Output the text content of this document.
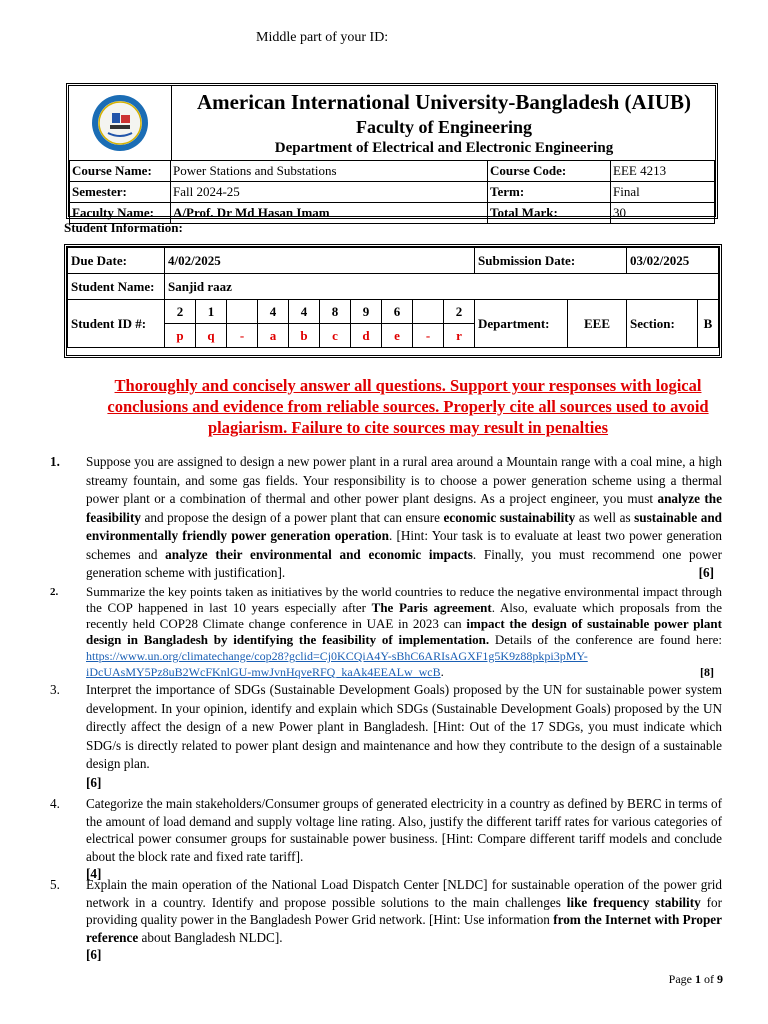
Middle part of your ID:
American International University-Bangladesh (AIUB)
Faculty of Engineering
Department of Electrical and Electronic Engineering
Course Name:	Power Stations and Substations	Course Code:	EEE 4213
Semester:	Fall 2024-25	Term:	Final
Faculty Name:	A/Prof. Dr Md Hasan Imam	Total Mark:	30
Student Information:
Due Date:	4/02/2025										Submission Date:		03/02/2025	
Student Name:	Sanjid raaz													
Student ID #:	2	1		4	4	8	9	6		2	Department:	EEE	Section:	B
	p	q	-	a	b	c	d	e	-	r				
Thoroughly and concisely answer all questions. Support your responses with logical conclusions and evidence from reliable sources. Properly cite all sources used to avoid plagiarism. Failure to cite sources may result in penalties
1.	Suppose you are assigned to design a new power plant in a rural area around a Mountain range with a coal mine, a high streamy fountain, and some gas fields. Your responsibility is to choose a power generation scheme using a thermal power plant or a combination of thermal and other power plant designs. As a project engineer, you must analyze the feasibility and propose the design of a power plant that can ensure economic sustainability as well as sustainable and environmentally friendly power generation operation. [Hint: Your task is to evaluate at least two power generation schemes and analyze their environmental and economic impacts. Finally, you must recommend one power generation scheme with justification].	[6]
2.	Summarize the key points taken as initiatives by the world countries to reduce the negative environmental impact through the COP happened in last 10 years especially after The Paris agreement. Also, evaluate which proposals from the recently held COP28 Climate change conference in UAE in 2023 can impact the design of sustainable power plant design in Bangladesh by identifying the feasibility of implementation. Details of the conference are found here: https://www.un.org/climatechange/cop28?gclid=Cj0KCQiA4Y-sBhC6ARIsAGXF1g5K9z88pkpi3pMY-iDcUAsMY5Pz8uB2WcFKnlGU-mwJvnHqveRFQ_kaAk4EEALw_wcB.	[8]
3.	Interpret the importance of SDGs (Sustainable Development Goals) proposed by the UN for sustainable power system development. In your opinion, identify and explain which SDGs (Sustainable Development Goals) proposed by the UN directly affect the design of a new Power plant in Bangladesh. [Hint: Out of the 17 SDGs, you must indicate which SDG/s is directly related to power plant design and maintenance and how they contribute to the design of a sustainable design plan.
[6]
4.	Categorize the main stakeholders/Consumer groups of generated electricity in a country as defined by BERC in terms of the amount of load demand and supply voltage line rating. Also, justify the different tariff rates for various categories of electrical power consumer groups for sustainable power business. [Hint: Compare different tariff models and conclude about the block rate and fixed rate tariff].
[4]
5.	Explain the main operation of the National Load Dispatch Center [NLDC] for sustainable operation of the power grid network in a country. Identify and propose possible solutions to the main challenges like frequency stability for providing quality power in the Bangladesh Power Grid network. [Hint: Use information from the Internet with Proper reference about Bangladesh NLDC].
[6]
Page 1 of 9
